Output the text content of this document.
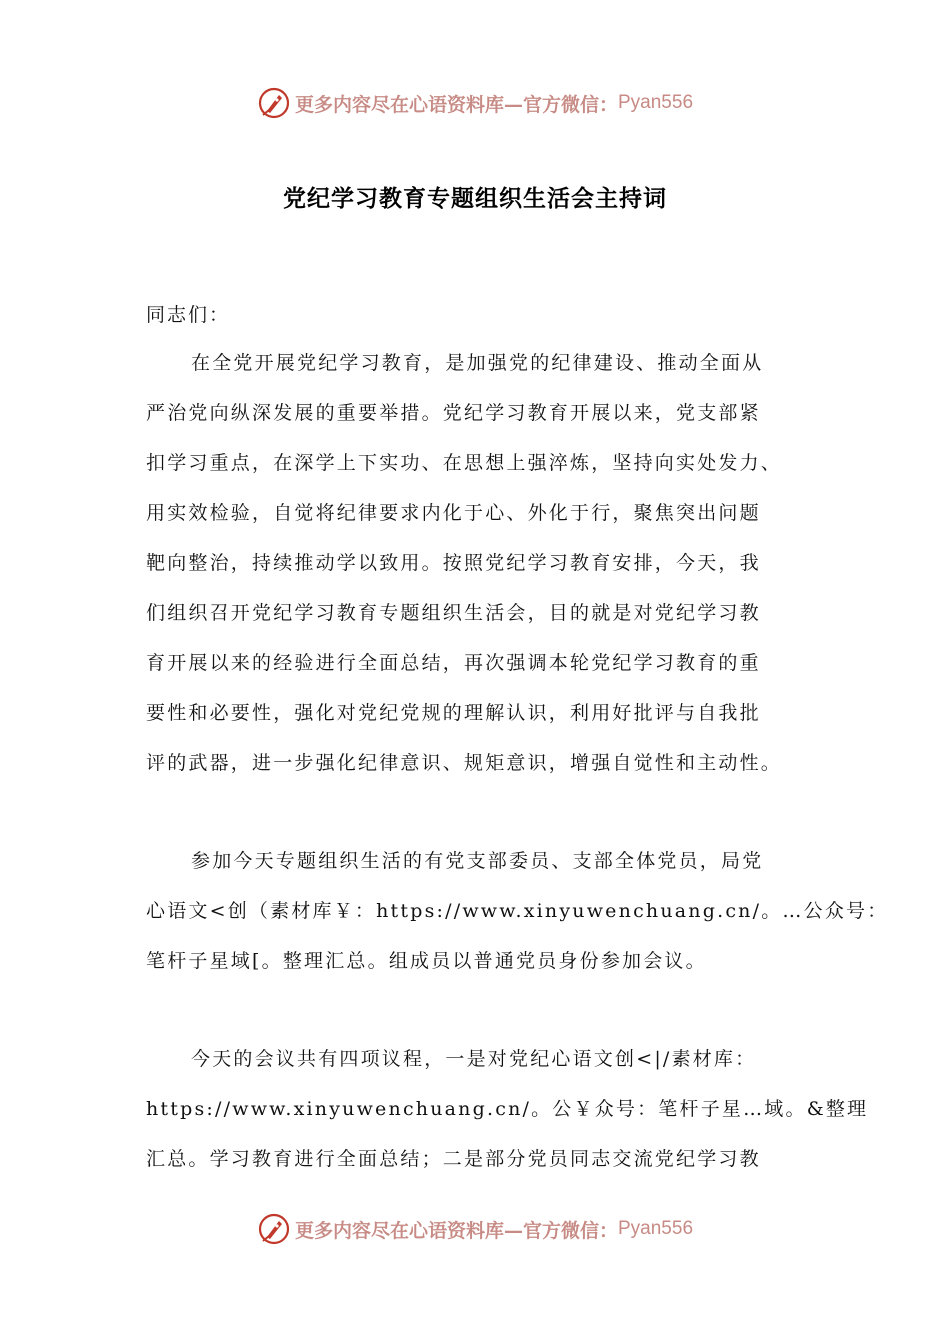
更多内容尽在心语资料库—官方微信： Pyan556
党纪学习教育专题组织生活会主持词
同志们：

在全党开展党纪学习教育，是加强党的纪律建设、推动全面从
严治党向纵深发展的重要举措。党纪学习教育开展以来，党支部紧
扣学习重点，在深学上下实功、在思想上强淬炼，坚持向实处发力、
用实效检验，自觉将纪律要求内化于心、外化于行，聚焦突出问题
靶向整治，持续推动学以致用。按照党纪学习教育安排，今天，我
们组织召开党纪学习教育专题组织生活会，目的就是对党纪学习教
育开展以来的经验进行全面总结，再次强调本轮党纪学习教育的重
要性和必要性，强化对党纪党规的理解认识，利用好批评与自我批
评的武器，进一步强化纪律意识、规矩意识，增强自觉性和主动性。

参加今天专题组织生活的有党支部委员、支部全体党员，局党
心语文<创（素材库￥：https://www.xinyuwenchuang.cn/。…公众号：
笔杆子星域[。整理汇总。组成员以普通党员身份参加会议。

今天的会议共有四项议程，一是对党纪心语文创<|/素材库：
https://www.xinyuwenchuang.cn/。公￥众号：笔杆子星…域。&整理
汇总。学习教育进行全面总结；二是部分党员同志交流党纪学习教

更多内容尽在心语资料库—官方微信： Pyan556
